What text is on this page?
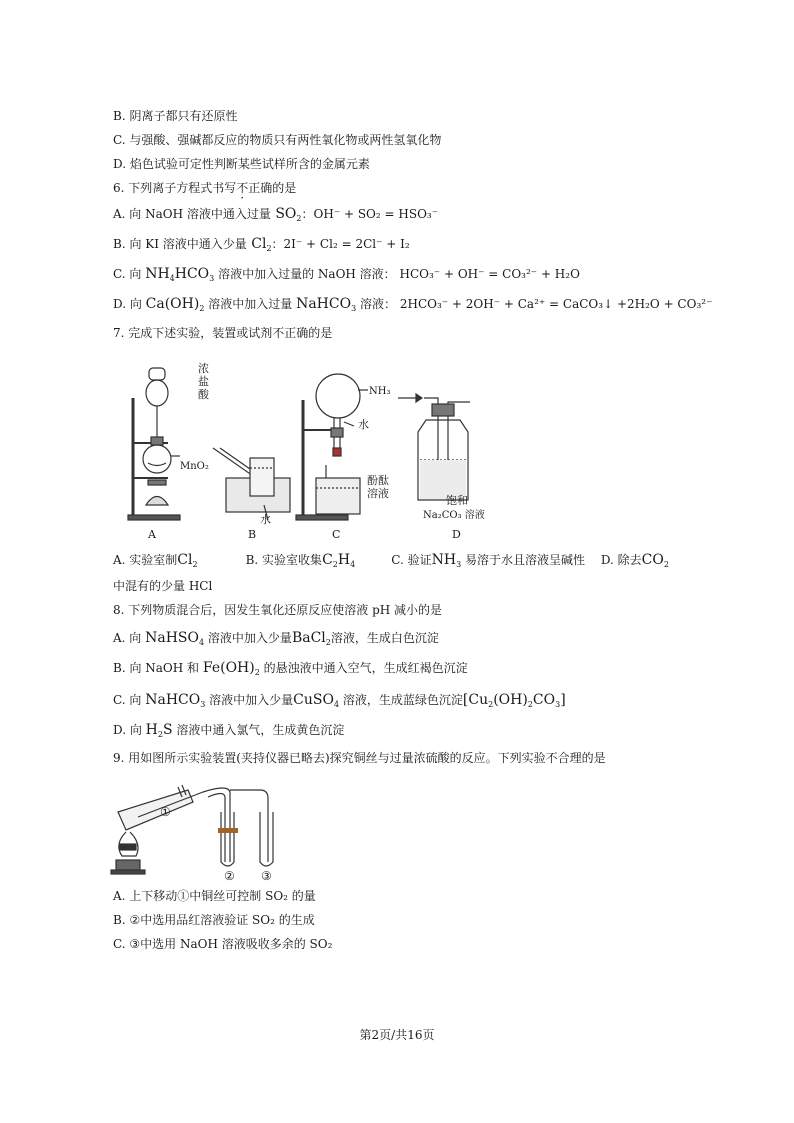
B. 阴离子都只有还原性
C. 与强酸、强碱都反应的物质只有两性氧化物或两性氢氧化物
D. 焰色试验可定性判断某些试样所含的金属元素
6. 下列离子方程式书写不正确的是
A. 向 NaOH 溶液中通入过量 $SO_2$：OH⁻ + SO₂ = HSO₃⁻
B. 向 KI 溶液中通入少量 $Cl_2$：2I⁻ + Cl₂ = 2Cl⁻ + I₂
C. 向 $NH_4HCO_3$ 溶液中加入过量的 NaOH 溶液： HCO₃⁻ + OH⁻ = CO₃²⁻ + H₂O
D. 向 $Ca(OH)_2$ 溶液中加入过量 NaHCO$_3$ 溶液： 2HCO₃⁻ + 2OH⁻ + Ca²⁺ = CaCO₃↓ +2H₂O + CO₃²⁻
7. 完成下述实验，装置或试剂不正确的是
浓
盐
酸
MnO₂
水
NH₃
水
酚酞
溶液
饱和
Na₂CO₃ 溶液
A	B	C	D
A. 实验室制$Cl_2$　　　　	B. 实验室收集$C_2H_4$　　　	C. 验证$NH_3$ 易溶于水且溶液呈碱性　 D. 除去$CO_2$
中混有的少量 HCl
8. 下列物质混合后，因发生氧化还原反应使溶液 pH 减小的是
A. 向 NaHSO$_4$ 溶液中加入少量BaCl$_2$溶液，生成白色沉淀
B. 向 NaOH 和 $Fe(OH)_2$ 的悬浊液中通入空气，生成红褐色沉淀
C. 向 NaHCO$_3$ 溶液中加入少量CuSO$_4$ 溶液，生成蓝绿色沉淀$[Cu_2(OH)_2CO_3]$
D. 向 $H_2S$ 溶液中通入氯气，生成黄色沉淀
9. 用如图所示实验装置(夹持仪器已略去)探究铜丝与过量浓硫酸的反应。下列实验不合理的是
①
② ③
A. 上下移动①中铜丝可控制 SO₂ 的量
B. ②中选用品红溶液验证 SO₂ 的生成
C. ③中选用 NaOH 溶液吸收多余的 SO₂
第2页/共16页
